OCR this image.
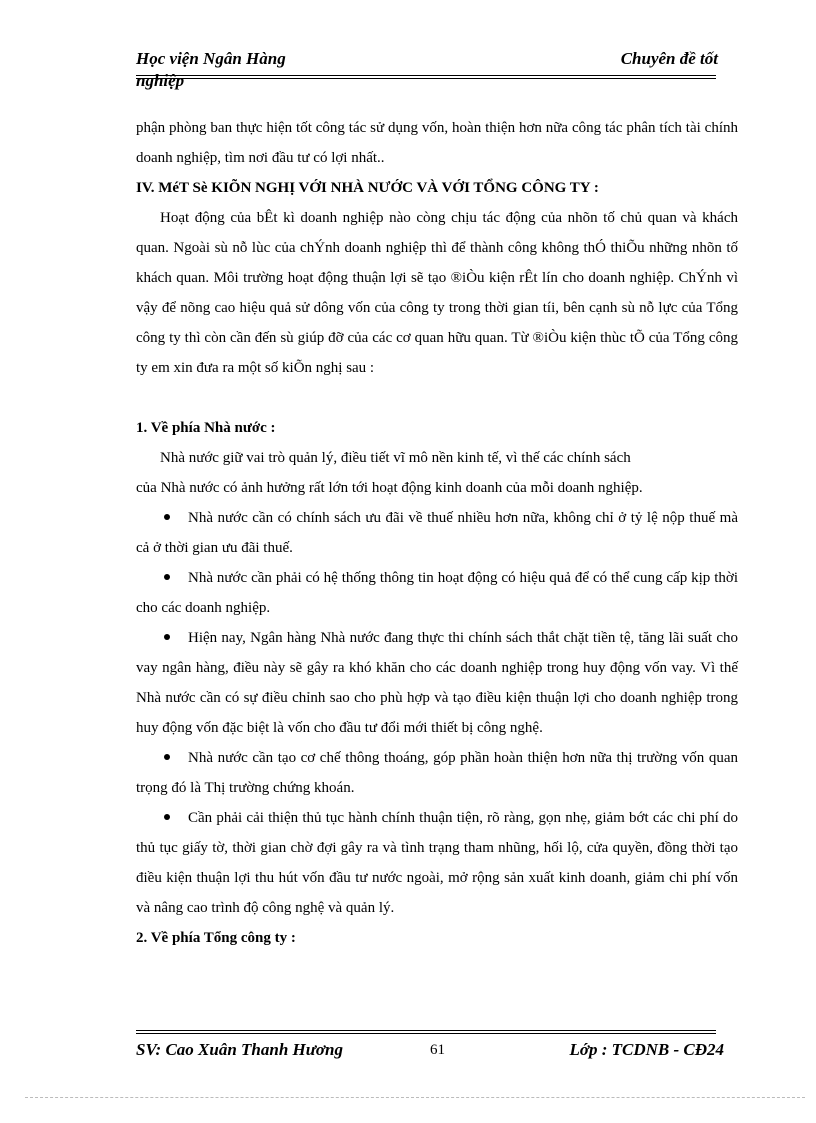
Học viện Ngân Hàng
nghiệp
Chuyên đề tốt

phận phòng ban thực hiện tốt công tác sử dụng vốn, hoàn thiện hơn nữa công tác phân tích tài chính doanh nghiệp, tìm nơi đầu tư có lợi nhất..

IV. MéT Sè KIÕN NGHỊ VỚI NHÀ NƯỚC VÀ VỚI TỔNG CÔNG TY :

Hoạt động của bÊt kì doanh nghiệp nào còng chịu tác động của nhõn tố chủ quan và khách quan. Ngoài sù nỗ lùc của chÝnh doanh nghiệp thì để thành công không thÓ thiÕu những nhõn tố khách quan. Môi trường hoạt động thuận lợi sẽ tạo ®iÒu kiện rÊt lín cho doanh nghiệp. ChÝnh vì vậy để nõng cao hiệu quả sử dông vốn của công ty trong thời gian tíi, bên cạnh sù nỗ lực của Tổng công ty thì còn cần đến sù giúp đỡ của các cơ quan hữu quan. Từ ®iÒu kiện thùc tÕ của Tổng công ty em xin đưa ra một số kiÕn nghị sau :

1. Về phía Nhà nước :

Nhà nước giữ vai trò quản lý, điều tiết vĩ mô nền kinh tế, vì thế các chính sách

của Nhà nước có ảnh hưởng rất lớn tới hoạt động kinh doanh của mỗi doanh nghiệp.

Nhà nước cần có chính sách ưu đãi về thuế nhiều hơn nữa, không chỉ ở tỷ lệ nộp thuế mà cả ở thời gian ưu đãi thuế.

Nhà nước cần phải có hệ thống thông tin hoạt động có hiệu quả để có thể cung cấp kịp thời cho các doanh nghiệp.

Hiện nay, Ngân hàng Nhà nước đang thực thi chính sách thắt chặt tiền tệ, tăng lãi suất cho vay ngân hàng, điều này sẽ gây ra khó khăn cho các doanh nghiệp trong huy động vốn vay. Vì thế Nhà nước cần có sự điều chỉnh sao cho phù hợp và tạo điều kiện thuận lợi cho doanh nghiệp trong huy động vốn đặc biệt là vốn cho đầu tư đổi mới thiết bị công nghệ.

Nhà nước cần tạo cơ chế thông thoáng, góp phần hoàn thiện hơn nữa thị trường vốn quan trọng đó là Thị trường chứng khoán.

Cần phải cải thiện thủ tục hành chính thuận tiện, rõ ràng, gọn nhẹ, giảm bớt các chi phí do thủ tục giấy tờ, thời gian chờ đợi gây ra và tình trạng tham nhũng, hối lộ, cửa quyền, đồng thời tạo điều kiện thuận lợi thu hút vốn đầu tư nước ngoài, mở rộng sản xuất kinh doanh, giảm chi phí vốn và nâng cao trình độ công nghệ và quản lý.

2. Về phía Tổng công ty :

SV: Cao Xuân Thanh Hương	61	Lớp : TCDNB - CĐ24
